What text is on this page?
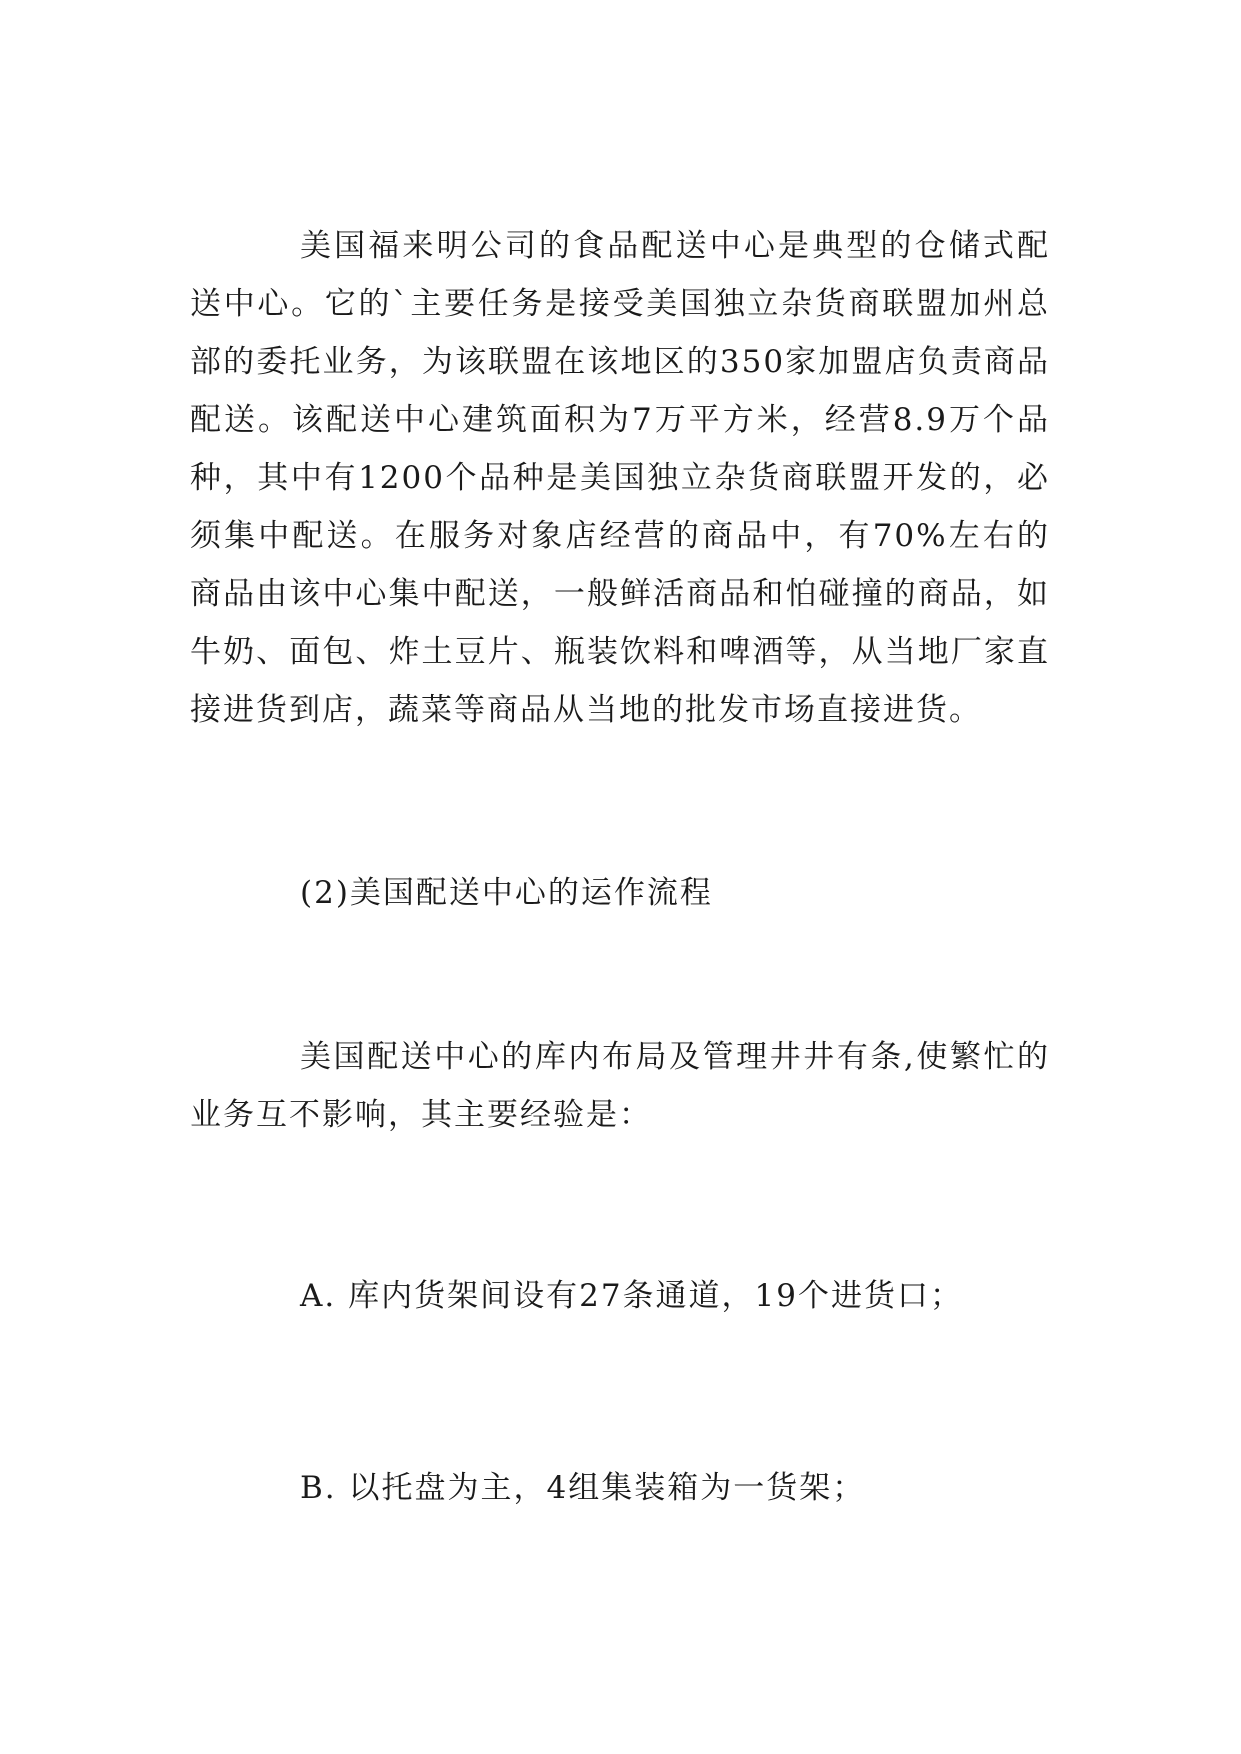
美国福来明公司的食品配送中心是典型的仓储式配送中心。它的`主要任务是接受美国独立杂货商联盟加州总部的委托业务，为该联盟在该地区的350家加盟店负责商品配送。该配送中心建筑面积为7万平方米，经营8.9万个品种，其中有1200个品种是美国独立杂货商联盟开发的，必须集中配送。在服务对象店经营的商品中，有70%左右的商品由该中心集中配送，一般鲜活商品和怕碰撞的商品，如牛奶、面包、炸土豆片、瓶装饮料和啤酒等，从当地厂家直接进货到店，蔬菜等商品从当地的批发市场直接进货。

(2)美国配送中心的运作流程

美国配送中心的库内布局及管理井井有条,使繁忙的业务互不影响，其主要经验是：

A. 库内货架间设有27条通道，19个进货口；

B. 以托盘为主，4组集装箱为一货架；
